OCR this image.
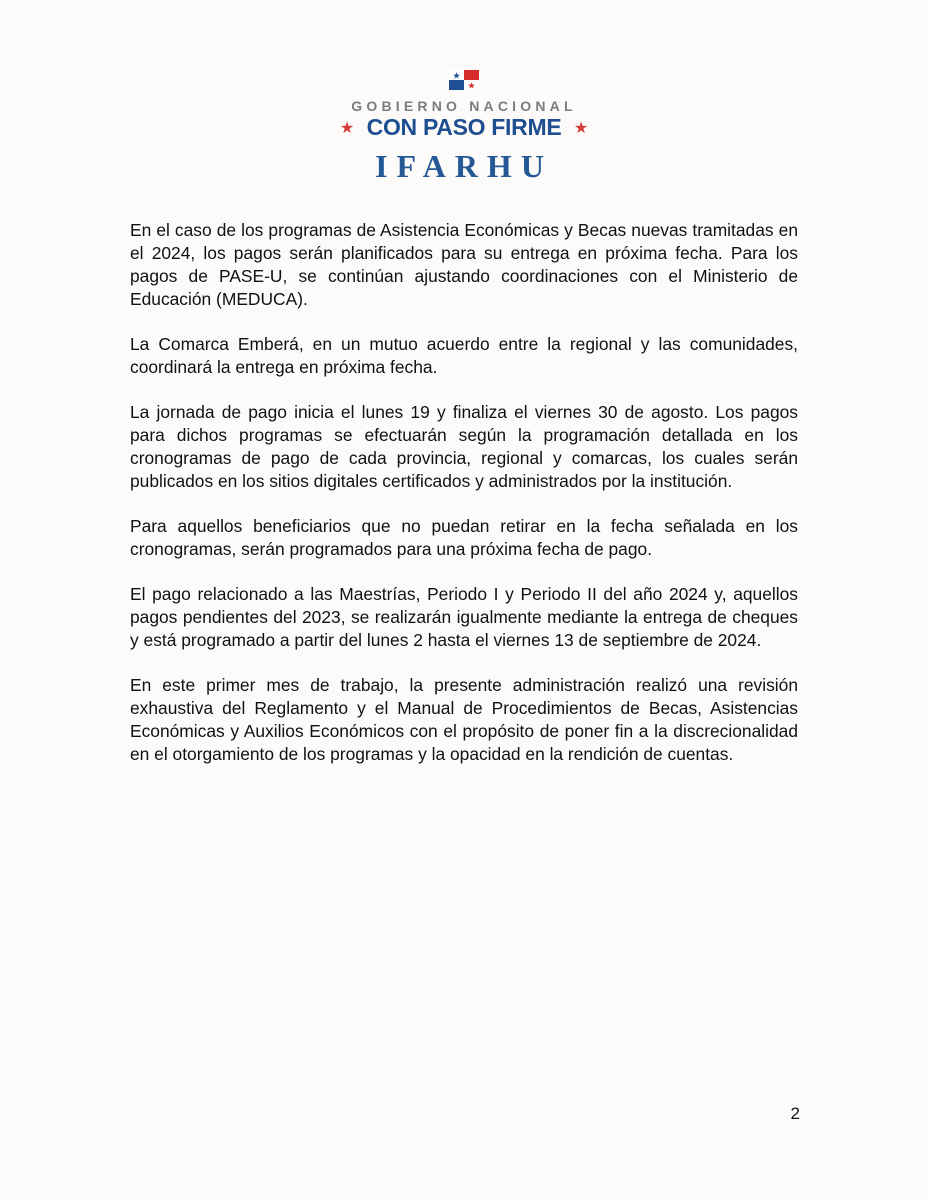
GOBIERNO NACIONAL
★ CON PASO FIRME ★
IFARHU

En el caso de los programas de Asistencia Económicas y Becas nuevas tramitadas en el 2024, los pagos serán planificados para su entrega en próxima fecha. Para los pagos de PASE-U, se continúan ajustando coordinaciones con el Ministerio de Educación (MEDUCA).

La Comarca Emberá, en un mutuo acuerdo entre la regional y las comunidades, coordinará la entrega en próxima fecha.

La jornada de pago inicia el lunes 19 y finaliza el viernes 30 de agosto. Los pagos para dichos programas se efectuarán según la programación detallada en los cronogramas de pago de cada provincia, regional y comarcas, los cuales serán publicados en los sitios digitales certificados y administrados por la institución.

Para aquellos beneficiarios que no puedan retirar en la fecha señalada en los cronogramas, serán programados para una próxima fecha de pago.

El pago relacionado a las Maestrías, Periodo I y Periodo II del año 2024 y, aquellos pagos pendientes del 2023, se realizarán igualmente mediante la entrega de cheques y está programado a partir del lunes 2 hasta el viernes 13 de septiembre de 2024.

En este primer mes de trabajo, la presente administración realizó una revisión exhaustiva del Reglamento y el Manual de Procedimientos de Becas, Asistencias Económicas y Auxilios Económicos con el propósito de poner fin a la discrecionalidad en el otorgamiento de los programas y la opacidad en la rendición de cuentas.

2
